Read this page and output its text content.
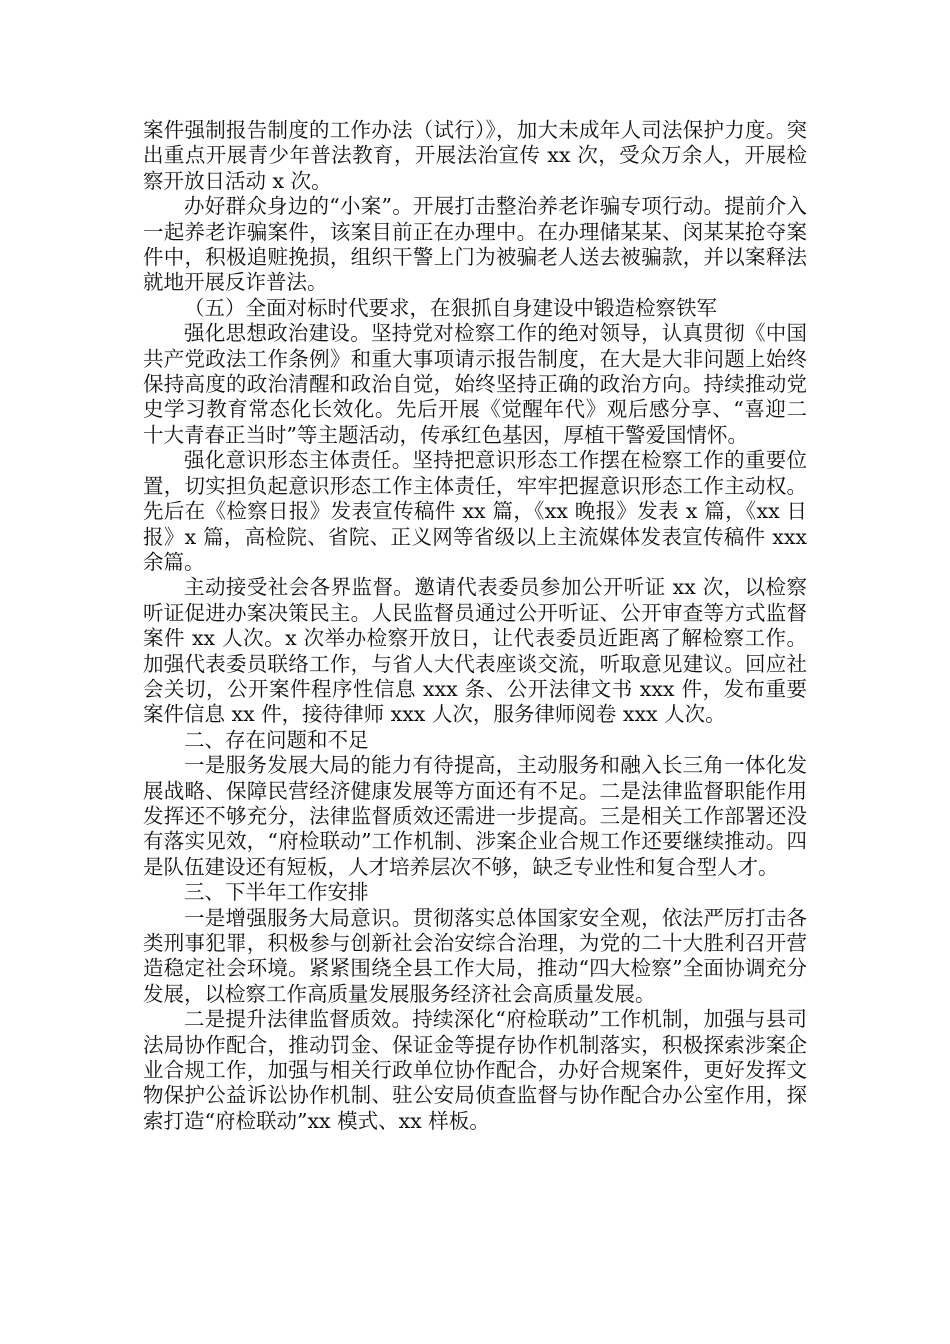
案件强制报告制度的工作办法（试行）》，加大未成年人司法保护力度。突出重点开展青少年普法教育，开展法治宣传 xx 次，受众万余人，开展检察开放日活动 x 次。

办好群众身边的“小案”。开展打击整治养老诈骗专项行动。提前介入一起养老诈骗案件，该案目前正在办理中。在办理储某某、闵某某抢夺案件中，积极追赃挽损，组织干警上门为被骗老人送去被骗款，并以案释法就地开展反诈普法。

（五）全面对标时代要求，在狠抓自身建设中锻造检察铁军

强化思想政治建设。坚持党对检察工作的绝对领导，认真贯彻《中国共产党政法工作条例》和重大事项请示报告制度，在大是大非问题上始终保持高度的政治清醒和政治自觉，始终坚持正确的政治方向。持续推动党史学习教育常态化长效化。先后开展《觉醒年代》观后感分享、“喜迎二十大青春正当时”等主题活动，传承红色基因，厚植干警爱国情怀。

强化意识形态主体责任。坚持把意识形态工作摆在检察工作的重要位置，切实担负起意识形态工作主体责任，牢牢把握意识形态工作主动权。先后在《检察日报》发表宣传稿件 xx 篇，《xx 晚报》发表 x 篇，《xx 日报》x 篇，高检院、省院、正义网等省级以上主流媒体发表宣传稿件 xxx 余篇。

主动接受社会各界监督。邀请代表委员参加公开听证 xx 次，以检察听证促进办案决策民主。人民监督员通过公开听证、公开审查等方式监督案件 xx 人次。x 次举办检察开放日，让代表委员近距离了解检察工作。加强代表委员联络工作，与省人大代表座谈交流，听取意见建议。回应社会关切，公开案件程序性信息 xxx 条、公开法律文书 xxx 件，发布重要案件信息 xx 件，接待律师 xxx 人次，服务律师阅卷 xxx 人次。

二、存在问题和不足

一是服务发展大局的能力有待提高，主动服务和融入长三角一体化发展战略、保障民营经济健康发展等方面还有不足。二是法律监督职能作用发挥还不够充分，法律监督质效还需进一步提高。三是相关工作部署还没有落实见效，“府检联动”工作机制、涉案企业合规工作还要继续推动。四是队伍建设还有短板，人才培养层次不够，缺乏专业性和复合型人才。

三、下半年工作安排

一是增强服务大局意识。贯彻落实总体国家安全观，依法严厉打击各类刑事犯罪，积极参与创新社会治安综合治理，为党的二十大胜利召开营造稳定社会环境。紧紧围绕全县工作大局，推动“四大检察”全面协调充分发展，以检察工作高质量发展服务经济社会高质量发展。

二是提升法律监督质效。持续深化“府检联动”工作机制，加强与县司法局协作配合，推动罚金、保证金等提存协作机制落实，积极探索涉案企业合规工作，加强与相关行政单位协作配合，办好合规案件，更好发挥文物保护公益诉讼协作机制、驻公安局侦查监督与协作配合办公室作用，探索打造“府检联动”xx 模式、xx 样板。
